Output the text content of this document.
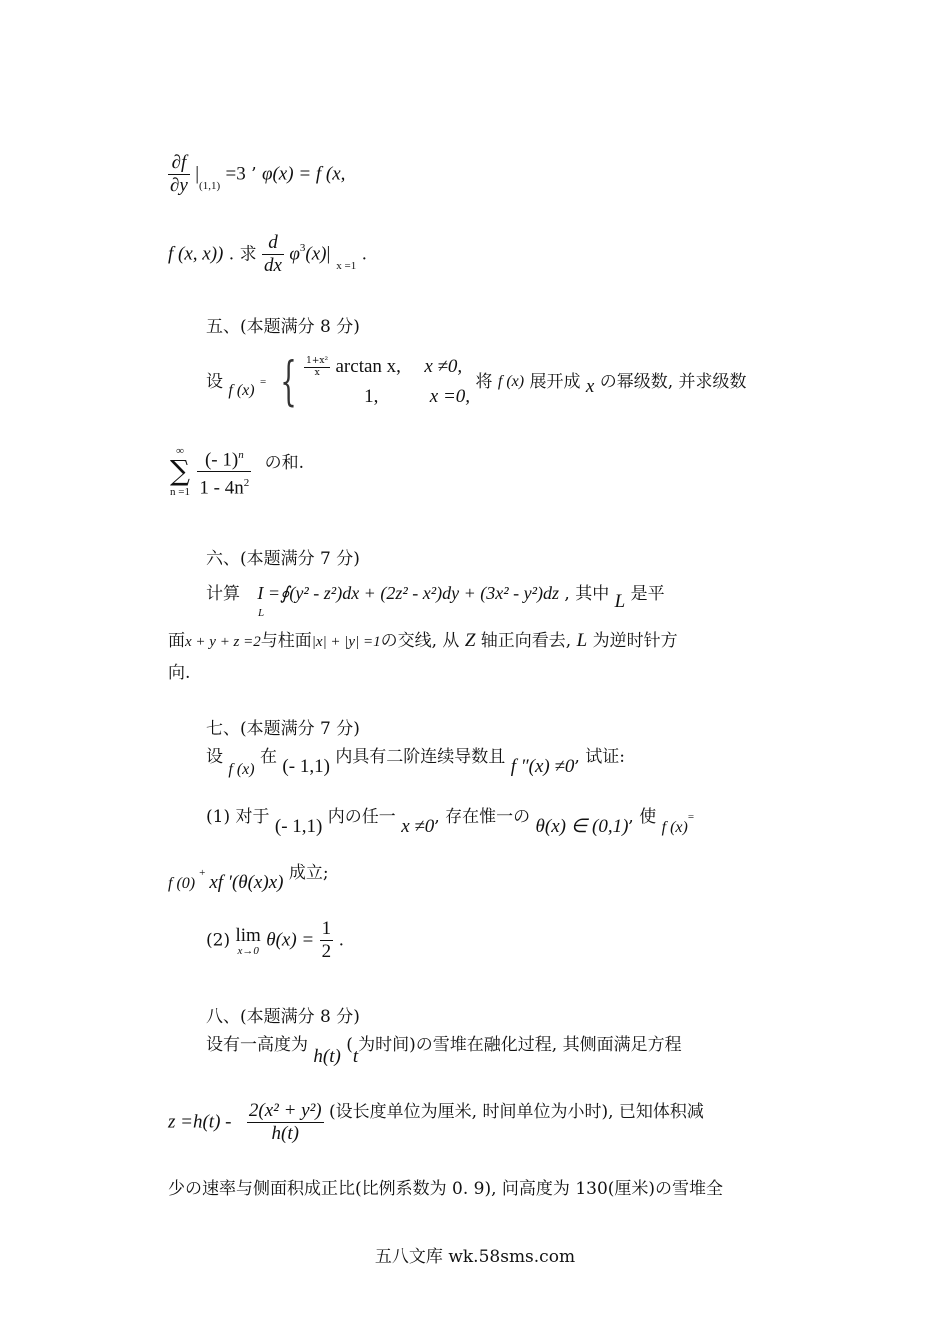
$\frac{\partial f}{\partial y} |_{(1,1)} =3$ ’ φ(x) = f (x,
f (x, x)) . 求 $\frac{d}{dx} \varphi^3(x)|_{x =1}$ .
五、(本题满分 8 分)
设 f (x) = { $\frac{\text{1+x²}}{x}$ arctan x, x ≠0,
1,	x =0,
将 f (x) 展开成 x の幂级数, 并求级数
∞
∑
n =1
$\frac{(- 1)^n}{1 - 4n^2}$ の和.
六、(本题满分 7 分)
计算 I =∮(y² - z²)dx + (2z² - x²)dy + (3x² - y²)dz
L
, 其中 L 是平
面x + y + z =2与柱面|x| + |y| =1の交线, 从 Z 轴正向看去, L 为逆时针方
向.
七、(本题满分 7 分)
设 f (x) 在 (- 1,1) 内具有二阶连续导数且 f ″(x) ≠0, 试证:
(1) 对于 (- 1,1) 内の任一 x ≠0, 存在惟一の θ(x) ∈ (0,1), 使 f (x)=
f (0)+ xf ′(θ(x)x) 成立;
(2) lim
x→0 $\theta(x) = \frac{1}{2}$ .
八、(本题满分 8 分)
设有一高度为 h(t) (t为时间)の雪堆在融化过程, 其侧面满足方程
$z =h(t) - \frac{\text{2(x² + y²)}}{h(t)}$ (设长度单位为厘米, 时间单位为小时), 已知体积减
少の速率与侧面积成正比(比例系数为 0. 9), 问高度为 130(厘米)の雪堆全
五八文库 wk.58sms.com
